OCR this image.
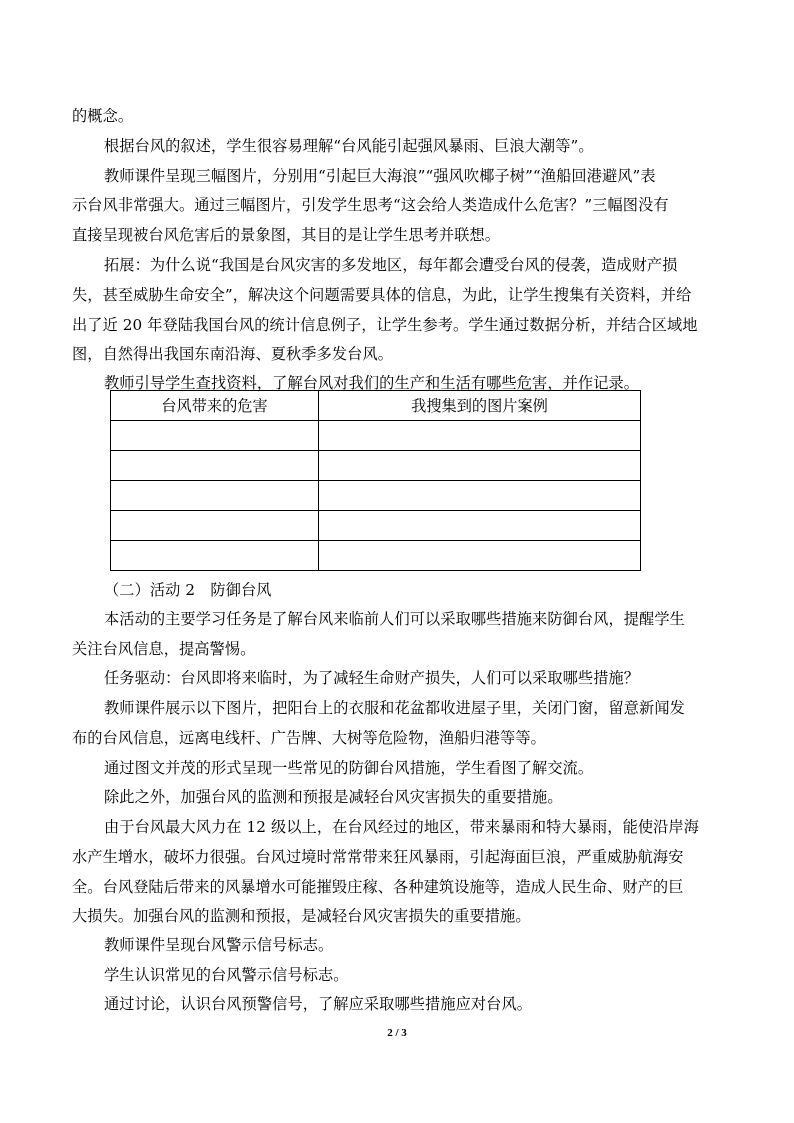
的概念。
根据台风的叙述，学生很容易理解“台风能引起强风暴雨、巨浪大潮等”。
教师课件呈现三幅图片，分别用“引起巨大海浪”“强风吹椰子树”“渔船回港避风”表
示台风非常强大。通过三幅图片，引发学生思考“这会给人类造成什么危害？”三幅图没有
直接呈现被台风危害后的景象图，其目的是让学生思考并联想。
拓展：为什么说“我国是台风灾害的多发地区，每年都会遭受台风的侵袭，造成财产损
失，甚至威胁生命安全”，解决这个问题需要具体的信息，为此，让学生搜集有关资料，并给
出了近 20 年登陆我国台风的统计信息例子，让学生参考。学生通过数据分析，并结合区域地
图，自然得出我国东南沿海、夏秋季多发台风。
教师引导学生查找资料，了解台风对我们的生产和生活有哪些危害，并作记录。
台风带来的危害	我搜集到的图片案例

（二）活动 2　防御台风
本活动的主要学习任务是了解台风来临前人们可以采取哪些措施来防御台风，提醒学生
关注台风信息，提高警惕。
任务驱动：台风即将来临时，为了减轻生命财产损失，人们可以采取哪些措施？
教师课件展示以下图片，把阳台上的衣服和花盆都收进屋子里，关闭门窗，留意新闻发
布的台风信息，远离电线杆、广告牌、大树等危险物，渔船归港等等。
通过图文并茂的形式呈现一些常见的防御台风措施，学生看图了解交流。
除此之外，加强台风的监测和预报是减轻台风灾害损失的重要措施。
由于台风最大风力在 12 级以上，在台风经过的地区，带来暴雨和特大暴雨，能使沿岸海
水产生增水，破坏力很强。台风过境时常常带来狂风暴雨，引起海面巨浪，严重威胁航海安
全。台风登陆后带来的风暴增水可能摧毁庄稼、各种建筑设施等，造成人民生命、财产的巨
大损失。加强台风的监测和预报，是减轻台风灾害损失的重要措施。
教师课件呈现台风警示信号标志。
学生认识常见的台风警示信号标志。
通过讨论，认识台风预警信号，了解应采取哪些措施应对台风。
2 / 3
